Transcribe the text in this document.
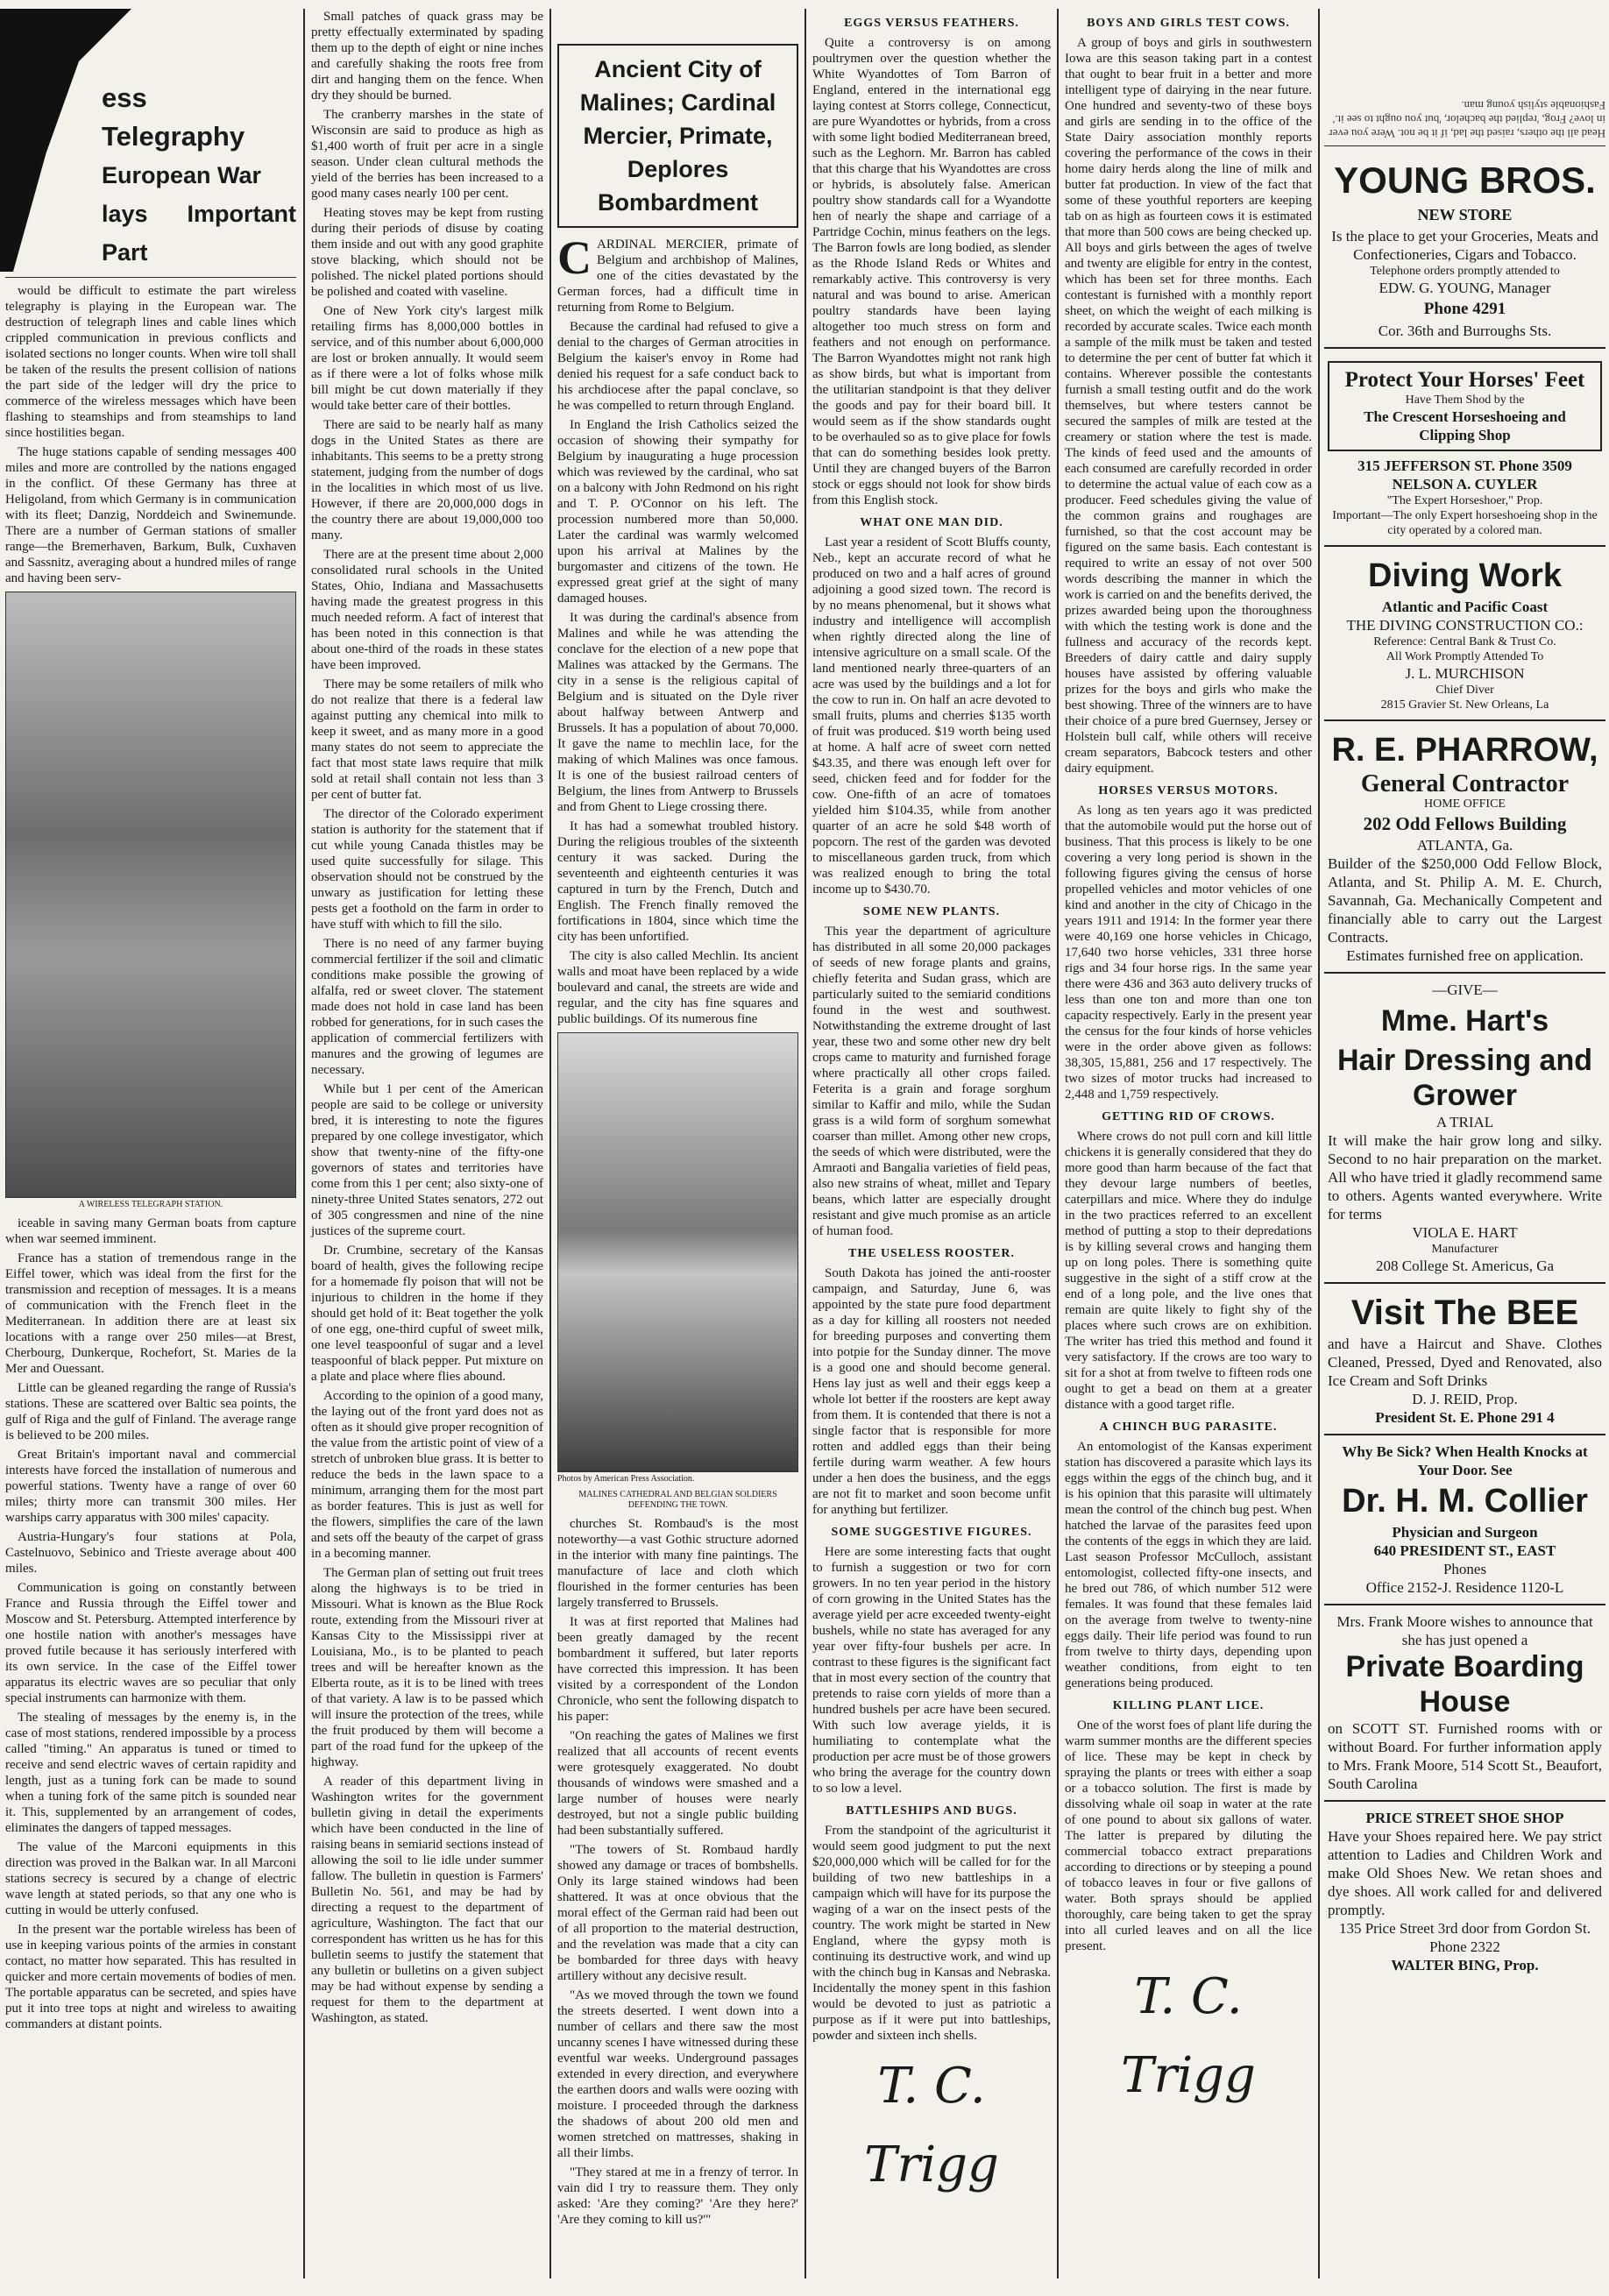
ess Telegraphy
European War
lays Important Part

would be difficult to estimate the part wireless telegraphy is playing in the European war. The destruction of telegraph lines and cable lines which crippled communication in previous conflicts and isolated sections no longer counts. When wire toll shall be taken of the results the present collision of nations the part side of the ledger will dry the price to commerce of the wireless messages which have been flashing to steamships and from steamships to land since hostilities began.

The huge stations capable of sending messages 400 miles and more are controlled by the nations engaged in the conflict. Of these Germany has three at Heligoland, from which Germany is in communication with its fleet; Danzig, Norddeich and Swinemunde. There are a number of German stations of smaller range—the Bremerhaven, Barkum, Bulk, Cuxhaven and Sassnitz, averaging about a hundred miles of range and having been serv-

A WIRELESS TELEGRAPH STATION.

iceable in saving many German boats from capture when war seemed imminent.

France has a station of tremendous range in the Eiffel tower, which was ideal from the first for the transmission and reception of messages. It is a means of communication with the French fleet in the Mediterranean. In addition there are at least six locations with a range over 250 miles—at Brest, Cherbourg, Dunkerque, Rochefort, St. Maries de la Mer and Ouessant.

Little can be gleaned regarding the range of Russia's stations. These are scattered over Baltic sea points, the gulf of Riga and the gulf of Finland. The average range is believed to be 200 miles.

Great Britain's important naval and commercial interests have forced the installation of numerous and powerful stations. Twenty have a range of over 60 miles; thirty more can transmit 300 miles. Her warships carry apparatus with 300 miles' capacity.

Austria-Hungary's four stations at Pola, Castelnuovo, Sebinico and Trieste average about 400 miles.

Communication is going on constantly between France and Russia through the Eiffel tower and Moscow and St. Petersburg. Attempted interference by one hostile nation with another's messages have proved futile because it has seriously interfered with its own service. In the case of the Eiffel tower apparatus its electric waves are so peculiar that only special instruments can harmonize with them.

The stealing of messages by the enemy is, in the case of most stations, rendered impossible by a process called "timing." An apparatus is tuned or timed to receive and send electric waves of certain rapidity and length, just as a tuning fork can be made to sound when a tuning fork of the same pitch is sounded near it. This, supplemented by an arrangement of codes, eliminates the dangers of tapped messages.

The value of the Marconi equipments in this direction was proved in the Balkan war. In all Marconi stations secrecy is secured by a change of electric wave length at stated periods, so that any one who is cutting in would be utterly confused.

In the present war the portable wireless has been of use in keeping various points of the armies in constant contact, no matter how separated. This has resulted in quicker and more certain movements of bodies of men. The portable apparatus can be secreted, and spies have put it into tree tops at night and wireless to awaiting commanders at distant points.

Small patches of quack grass may be pretty effectually exterminated by spading them up to the depth of eight or nine inches and carefully shaking the roots free from dirt and hanging them on the fence. When dry they should be burned.

The cranberry marshes in the state of Wisconsin are said to produce as high as $1,400 worth of fruit per acre in a single season. Under clean cultural methods the yield of the berries has been increased to a good many cases nearly 100 per cent.

Heating stoves may be kept from rusting during their periods of disuse by coating them inside and out with any good graphite stove blacking, which should not be polished. The nickel plated portions should be polished and coated with vaseline.

One of New York city's largest milk retailing firms has 8,000,000 bottles in service, and of this number about 6,000,000 are lost or broken annually. It would seem as if there were a lot of folks whose milk bill might be cut down materially if they would take better care of their bottles.

There are said to be nearly half as many dogs in the United States as there are inhabitants. This seems to be a pretty strong statement, judging from the number of dogs in the localities in which most of us live. However, if there are 20,000,000 dogs in the country there are about 19,000,000 too many.

There are at the present time about 2,000 consolidated rural schools in the United States, Ohio, Indiana and Massachusetts having made the greatest progress in this much needed reform. A fact of interest that has been noted in this connection is that about one-third of the roads in these states have been improved.

There may be some retailers of milk who do not realize that there is a federal law against putting any chemical into milk to keep it sweet, and as many more in a good many states do not seem to appreciate the fact that most state laws require that milk sold at retail shall contain not less than 3 per cent of butter fat.

The director of the Colorado experiment station is authority for the statement that if cut while young Canada thistles may be used quite successfully for silage. This observation should not be construed by the unwary as justification for letting these pests get a foothold on the farm in order to have stuff with which to fill the silo.

There is no need of any farmer buying commercial fertilizer if the soil and climatic conditions make possible the growing of alfalfa, red or sweet clover. The statement made does not hold in case land has been robbed for generations, for in such cases the application of commercial fertilizers with manures and the growing of legumes are necessary.

While but 1 per cent of the American people are said to be college or university bred, it is interesting to note the figures prepared by one college investigator, which show that twenty-nine of the fifty-one governors of states and territories have come from this 1 per cent; also sixty-one of ninety-three United States senators, 272 out of 305 congressmen and nine of the nine justices of the supreme court.

Dr. Crumbine, secretary of the Kansas board of health, gives the following recipe for a homemade fly poison that will not be injurious to children in the home if they should get hold of it: Beat together the yolk of one egg, one-third cupful of sweet milk, one level teaspoonful of sugar and a level teaspoonful of black pepper. Put mixture on a plate and place where flies abound.

According to the opinion of a good many, the laying out of the front yard does not as often as it should give proper recognition of the value from the artistic point of view of a stretch of unbroken blue grass. It is better to reduce the beds in the lawn space to a minimum, arranging them for the most part as border features. This is just as well for the flowers, simplifies the care of the lawn and sets off the beauty of the carpet of grass in a becoming manner.

The German plan of setting out fruit trees along the highways is to be tried in Missouri. What is known as the Blue Rock route, extending from the Missouri river at Kansas City to the Mississippi river at Louisiana, Mo., is to be planted to peach trees and will be hereafter known as the Elberta route, as it is to be lined with trees of that variety. A law is to be passed which will insure the protection of the trees, while the fruit produced by them will become a part of the road fund for the upkeep of the highway.

A reader of this department living in Washington writes for the government bulletin giving in detail the experiments which have been conducted in the line of raising beans in semiarid sections instead of allowing the soil to lie idle under summer fallow. The bulletin in question is Farmers' Bulletin No. 561, and may be had by directing a request to the department of agriculture, Washington. The fact that our correspondent has written us he has for this bulletin seems to justify the statement that any bulletin or bulletins on a given subject may be had without expense by sending a request for them to the department at Washington, as stated.

Ancient City of Malines; Cardinal Mercier, Primate, Deplores Bombardment
C ARDINAL MERCIER, primate of Belgium and archbishop of Malines, one of the cities devastated by the German forces, had a difficult time in returning from Rome to Belgium.

Because the cardinal had refused to give a denial to the charges of German atrocities in Belgium the kaiser's envoy in Rome had denied his request for a safe conduct back to his archdiocese after the papal conclave, so he was compelled to return through England.

In England the Irish Catholics seized the occasion of showing their sympathy for Belgium by inaugurating a huge procession which was reviewed by the cardinal, who sat on a balcony with John Redmond on his right and T. P. O'Connor on his left. The procession numbered more than 50,000. Later the cardinal was warmly welcomed upon his arrival at Malines by the burgomaster and citizens of the town. He expressed great grief at the sight of many damaged houses.

It was during the cardinal's absence from Malines and while he was attending the conclave for the election of a new pope that Malines was attacked by the Germans. The city in a sense is the religious capital of Belgium and is situated on the Dyle river about halfway between Antwerp and Brussels. It has a population of about 70,000. It gave the name to mechlin lace, for the making of which Malines was once famous. It is one of the busiest railroad centers of Belgium, the lines from Antwerp to Brussels and from Ghent to Liege crossing there.

It has had a somewhat troubled history. During the religious troubles of the sixteenth century it was sacked. During the seventeenth and eighteenth centuries it was captured in turn by the French, Dutch and English. The French finally removed the fortifications in 1804, since which time the city has been unfortified.

The city is also called Mechlin. Its ancient walls and moat have been replaced by a wide boulevard and canal, the streets are wide and regular, and the city has fine squares and public buildings. Of its numerous fine

Photos by American Press Association.
MALINES CATHEDRAL AND BELGIAN SOLDIERS DEFENDING THE TOWN.

churches St. Rombaud's is the most noteworthy—a vast Gothic structure adorned in the interior with many fine paintings. The manufacture of lace and cloth which flourished in the former centuries has been largely transferred to Brussels.

It was at first reported that Malines had been greatly damaged by the recent bombardment it suffered, but later reports have corrected this impression. It has been visited by a correspondent of the London Chronicle, who sent the following dispatch to his paper:

"On reaching the gates of Malines we first realized that all accounts of recent events were grotesquely exaggerated. No doubt thousands of windows were smashed and a large number of houses were nearly destroyed, but not a single public building had been substantially suffered.

"The towers of St. Rombaud hardly showed any damage or traces of bombshells. Only its large stained windows had been shattered. It was at once obvious that the moral effect of the German raid had been out of all proportion to the material destruction, and the revelation was made that a city can be bombarded for three days with heavy artillery without any decisive result.

"As we moved through the town we found the streets deserted. I went down into a number of cellars and there saw the most uncanny scenes I have witnessed during these eventful war weeks. Underground passages extended in every direction, and everywhere the earthen doors and walls were oozing with moisture. I proceeded through the darkness the shadows of about 200 old men and women stretched on mattresses, shaking in all their limbs.

"They stared at me in a frenzy of terror. In vain did I try to reassure them. They only asked: 'Are they coming?' 'Are they here?' 'Are they coming to kill us?'"

EGGS VERSUS FEATHERS.

Quite a controversy is on among poultrymen over the question whether the White Wyandottes of Tom Barron of England, entered in the international egg laying contest at Storrs college, Connecticut, are pure Wyandottes or hybrids, from a cross with some light bodied Mediterranean breed, such as the Leghorn. Mr. Barron has cabled that this charge that his Wyandottes are cross or hybrids, is absolutely false. American poultry show standards call for a Wyandotte hen of nearly the shape and carriage of a Partridge Cochin, minus feathers on the legs. The Barron fowls are long bodied, as slender as the Rhode Island Reds or Whites and remarkably active. This controversy is very natural and was bound to arise. American poultry standards have been laying altogether too much stress on form and feathers and not enough on performance. The Barron Wyandottes might not rank high as show birds, but what is important from the utilitarian standpoint is that they deliver the goods and pay for their board bill. It would seem as if the show standards ought to be overhauled so as to give place for fowls that can do something besides look pretty. Until they are changed buyers of the Barron stock or eggs should not look for show birds from this English stock.

WHAT ONE MAN DID.

Last year a resident of Scott Bluffs county, Neb., kept an accurate record of what he produced on two and a half acres of ground adjoining a good sized town. The record is by no means phenomenal, but it shows what industry and intelligence will accomplish when rightly directed along the line of intensive agriculture on a small scale. Of the land mentioned nearly three-quarters of an acre was used by the buildings and a lot for the cow to run in. On half an acre devoted to small fruits, plums and cherries $135 worth of fruit was produced. $19 worth being used at home. A half acre of sweet corn netted $43.35, and there was enough left over for seed, chicken feed and for fodder for the cow. One-fifth of an acre of tomatoes yielded him $104.35, while from another quarter of an acre he sold $48 worth of popcorn. The rest of the garden was devoted to miscellaneous garden truck, from which was realized enough to bring the total income up to $430.70.

SOME NEW PLANTS.

This year the department of agriculture has distributed in all some 20,000 packages of seeds of new forage plants and grains, chiefly feterita and Sudan grass, which are particularly suited to the semiarid conditions found in the west and southwest. Notwithstanding the extreme drought of last year, these two and some other new dry belt crops came to maturity and furnished forage where practically all other crops failed. Feterita is a grain and forage sorghum similar to Kaffir and milo, while the Sudan grass is a wild form of sorghum somewhat coarser than millet. Among other new crops, the seeds of which were distributed, were the Amraoti and Bangalia varieties of field peas, also new strains of wheat, millet and Tepary beans, which latter are especially drought resistant and give much promise as an article of human food.

THE USELESS ROOSTER.

South Dakota has joined the anti-rooster campaign, and Saturday, June 6, was appointed by the state pure food department as a day for killing all roosters not needed for breeding purposes and converting them into potpie for the Sunday dinner. The move is a good one and should become general. Hens lay just as well and their eggs keep a whole lot better if the roosters are kept away from them. It is contended that there is not a single factor that is responsible for more rotten and addled eggs than their being fertile during warm weather. A few hours under a hen does the business, and the eggs are not fit to market and soon become unfit for anything but fertilizer.

SOME SUGGESTIVE FIGURES.

Here are some interesting facts that ought to furnish a suggestion or two for corn growers. In no ten year period in the history of corn growing in the United States has the average yield per acre exceeded twenty-eight bushels, while no state has averaged for any year over fifty-four bushels per acre. In contrast to these figures is the significant fact that in most every section of the country that pretends to raise corn yields of more than a hundred bushels per acre have been secured. With such low average yields, it is humiliating to contemplate what the production per acre must be of those growers who bring the average for the country down to so low a level.

BATTLESHIPS AND BUGS.

From the standpoint of the agriculturist it would seem good judgment to put the next $20,000,000 which will be called for for the building of two new battleships in a campaign which will have for its purpose the waging of a war on the insect pests of the country. The work might be started in New England, where the gypsy moth is continuing its destructive work, and wind up with the chinch bug in Kansas and Nebraska. Incidentally the money spent in this fashion would be devoted to just as patriotic a purpose as if it were put into battleships, powder and sixteen inch shells.

T. C. Trigg
BOYS AND GIRLS TEST COWS.

A group of boys and girls in southwestern Iowa are this season taking part in a contest that ought to bear fruit in a better and more intelligent type of dairying in the near future. One hundred and seventy-two of these boys and girls are sending in to the office of the State Dairy association monthly reports covering the performance of the cows in their home dairy herds along the line of milk and butter fat production. In view of the fact that some of these youthful reporters are keeping tab on as high as fourteen cows it is estimated that more than 500 cows are being checked up. All boys and girls between the ages of twelve and twenty are eligible for entry in the contest, which has been set for three months. Each contestant is furnished with a monthly report sheet, on which the weight of each milking is recorded by accurate scales. Twice each month a sample of the milk must be taken and tested to determine the per cent of butter fat which it contains. Wherever possible the contestants furnish a small testing outfit and do the work themselves, but where testers cannot be secured the samples of milk are tested at the creamery or station where the test is made. The kinds of feed used and the amounts of each consumed are carefully recorded in order to determine the actual value of each cow as a producer. Feed schedules giving the value of the common grains and roughages are furnished, so that the cost account may be figured on the same basis. Each contestant is required to write an essay of not over 500 words describing the manner in which the work is carried on and the benefits derived, the prizes awarded being upon the thoroughness with which the testing work is done and the fullness and accuracy of the records kept. Breeders of dairy cattle and dairy supply houses have assisted by offering valuable prizes for the boys and girls who make the best showing. Three of the winners are to have their choice of a pure bred Guernsey, Jersey or Holstein bull calf, while others will receive cream separators, Babcock testers and other dairy equipment.

HORSES VERSUS MOTORS.

As long as ten years ago it was predicted that the automobile would put the horse out of business. That this process is likely to be one covering a very long period is shown in the following figures giving the census of horse propelled vehicles and motor vehicles of one kind and another in the city of Chicago in the years 1911 and 1914: In the former year there were 40,169 one horse vehicles in Chicago, 17,640 two horse vehicles, 331 three horse rigs and 34 four horse rigs. In the same year there were 436 and 363 auto delivery trucks of less than one ton and more than one ton capacity respectively. Early in the present year the census for the four kinds of horse vehicles were in the order above given as follows: 38,305, 15,881, 256 and 17 respectively. The two sizes of motor trucks had increased to 2,448 and 1,759 respectively.

GETTING RID OF CROWS.

Where crows do not pull corn and kill little chickens it is generally considered that they do more good than harm because of the fact that they devour large numbers of beetles, caterpillars and mice. Where they do indulge in the two practices referred to an excellent method of putting a stop to their depredations is by killing several crows and hanging them up on long poles. There is something quite suggestive in the sight of a stiff crow at the end of a long pole, and the live ones that remain are quite likely to fight shy of the places where such crows are on exhibition. The writer has tried this method and found it very satisfactory. If the crows are too wary to sit for a shot at from twelve to fifteen rods one ought to get a bead on them at a greater distance with a good target rifle.

A CHINCH BUG PARASITE.

An entomologist of the Kansas experiment station has discovered a parasite which lays its eggs within the eggs of the chinch bug, and it is his opinion that this parasite will ultimately mean the control of the chinch bug pest. When hatched the larvae of the parasites feed upon the contents of the eggs in which they are laid. Last season Professor McCulloch, assistant entomologist, collected fifty-one insects, and he bred out 786, of which number 512 were females. It was found that these females laid on the average from twelve to twenty-nine eggs daily. Their life period was found to run from twelve to thirty days, depending upon weather conditions, from eight to ten generations being produced.

KILLING PLANT LICE.

One of the worst foes of plant life during the warm summer months are the different species of lice. These may be kept in check by spraying the plants or trees with either a soap or a tobacco solution. The first is made by dissolving whale oil soap in water at the rate of one pound to about six gallons of water. The latter is prepared by diluting the commercial tobacco extract preparations according to directions or by steeping a pound of tobacco leaves in four or five gallons of water. Both sprays should be applied thoroughly, care being taken to get the spray into all curled leaves and on all the lice present.

T. C. Trigg
Head all the others, raised the lad, if it be not. Were you ever in love? Frog, 'replied the bachelor, 'but you ought to see it.' Fashionable stylish young man.
YOUNG BROS.
NEW STORE
Is the place to get your Groceries, Meats and Confectioneries, Cigars and Tobacco.
Telephone orders promptly attended to
EDW. G. YOUNG, Manager
Phone 4291
Cor. 36th and Burroughs Sts.
Protect Your Horses' Feet
Have Them Shod by the
The Crescent Horseshoeing and Clipping Shop
315 JEFFERSON ST. Phone 3509
NELSON A. CUYLER
"The Expert Horseshoer," Prop.
Important—The only Expert horseshoeing shop in the city operated by a colored man.
Diving Work
Atlantic and Pacific Coast
THE DIVING CONSTRUCTION CO.:
Reference: Central Bank & Trust Co.
All Work Promptly Attended To
J. L. MURCHISON
Chief Diver
2815 Gravier St. New Orleans, La
R. E. PHARROW,
General Contractor
HOME OFFICE
202 Odd Fellows Building
ATLANTA, Ga.
Builder of the $250,000 Odd Fellow Block, Atlanta, and St. Philip A. M. E. Church, Savannah, Ga. Mechanically Competent and financially able to carry out the Largest Contracts.
Estimates furnished free on application.
—GIVE—
Mme. Hart's
Hair Dressing and Grower
A TRIAL
It will make the hair grow long and silky. Second to no hair preparation on the market. All who have tried it gladly recommend same to others. Agents wanted everywhere. Write for terms
VIOLA E. HART
Manufacturer
208 College St. Americus, Ga
Visit The BEE
and have a Haircut and Shave. Clothes Cleaned, Pressed, Dyed and Renovated, also Ice Cream and Soft Drinks
D. J. REID, Prop.
President St. E. Phone 291 4
Why Be Sick? When Health Knocks at Your Door. See
Dr. H. M. Collier
Physician and Surgeon
640 PRESIDENT ST., EAST
Phones
Office 2152-J. Residence 1120-L
Mrs. Frank Moore wishes to announce that she has just opened a
Private Boarding House
on SCOTT ST. Furnished rooms with or without Board. For further information apply to Mrs. Frank Moore, 514 Scott St., Beaufort, South Carolina
PRICE STREET SHOE SHOP
Have your Shoes repaired here. We pay strict attention to Ladies and Children Work and make Old Shoes New. We retan shoes and dye shoes. All work called for and delivered promptly.
135 Price Street 3rd door from Gordon St. Phone 2322
WALTER BING, Prop.
